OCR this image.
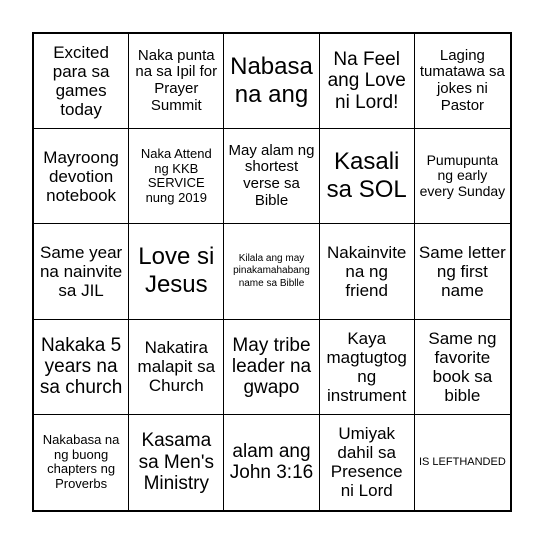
Excited para sa games today
Naka punta na sa Ipil for Prayer Summit
Nabasa na ang
Na Feel ang Love ni Lord!
Laging tumatawa sa jokes ni Pastor
Mayroong devotion notebook
Naka Attend ng KKB SERVICE nung 2019
May alam ng shortest verse sa Bible
Kasali sa SOL
Pumupunta ng early every Sunday
Same year na nainvite sa JIL
Love si Jesus
Kilala ang may pinakamahabang name sa Biblle
Nakainvite na ng friend
Same letter ng first name
Nakaka 5 years na sa church
Nakatira malapit sa Church
May tribe leader na gwapo
Kaya magtugtog ng instrument
Same ng favorite book sa bible
Nakabasa na ng buong chapters ng Proverbs
Kasama sa Men's Ministry
alam ang John 3:16
Umiyak dahil sa Presence ni Lord
IS LEFTHANDED
